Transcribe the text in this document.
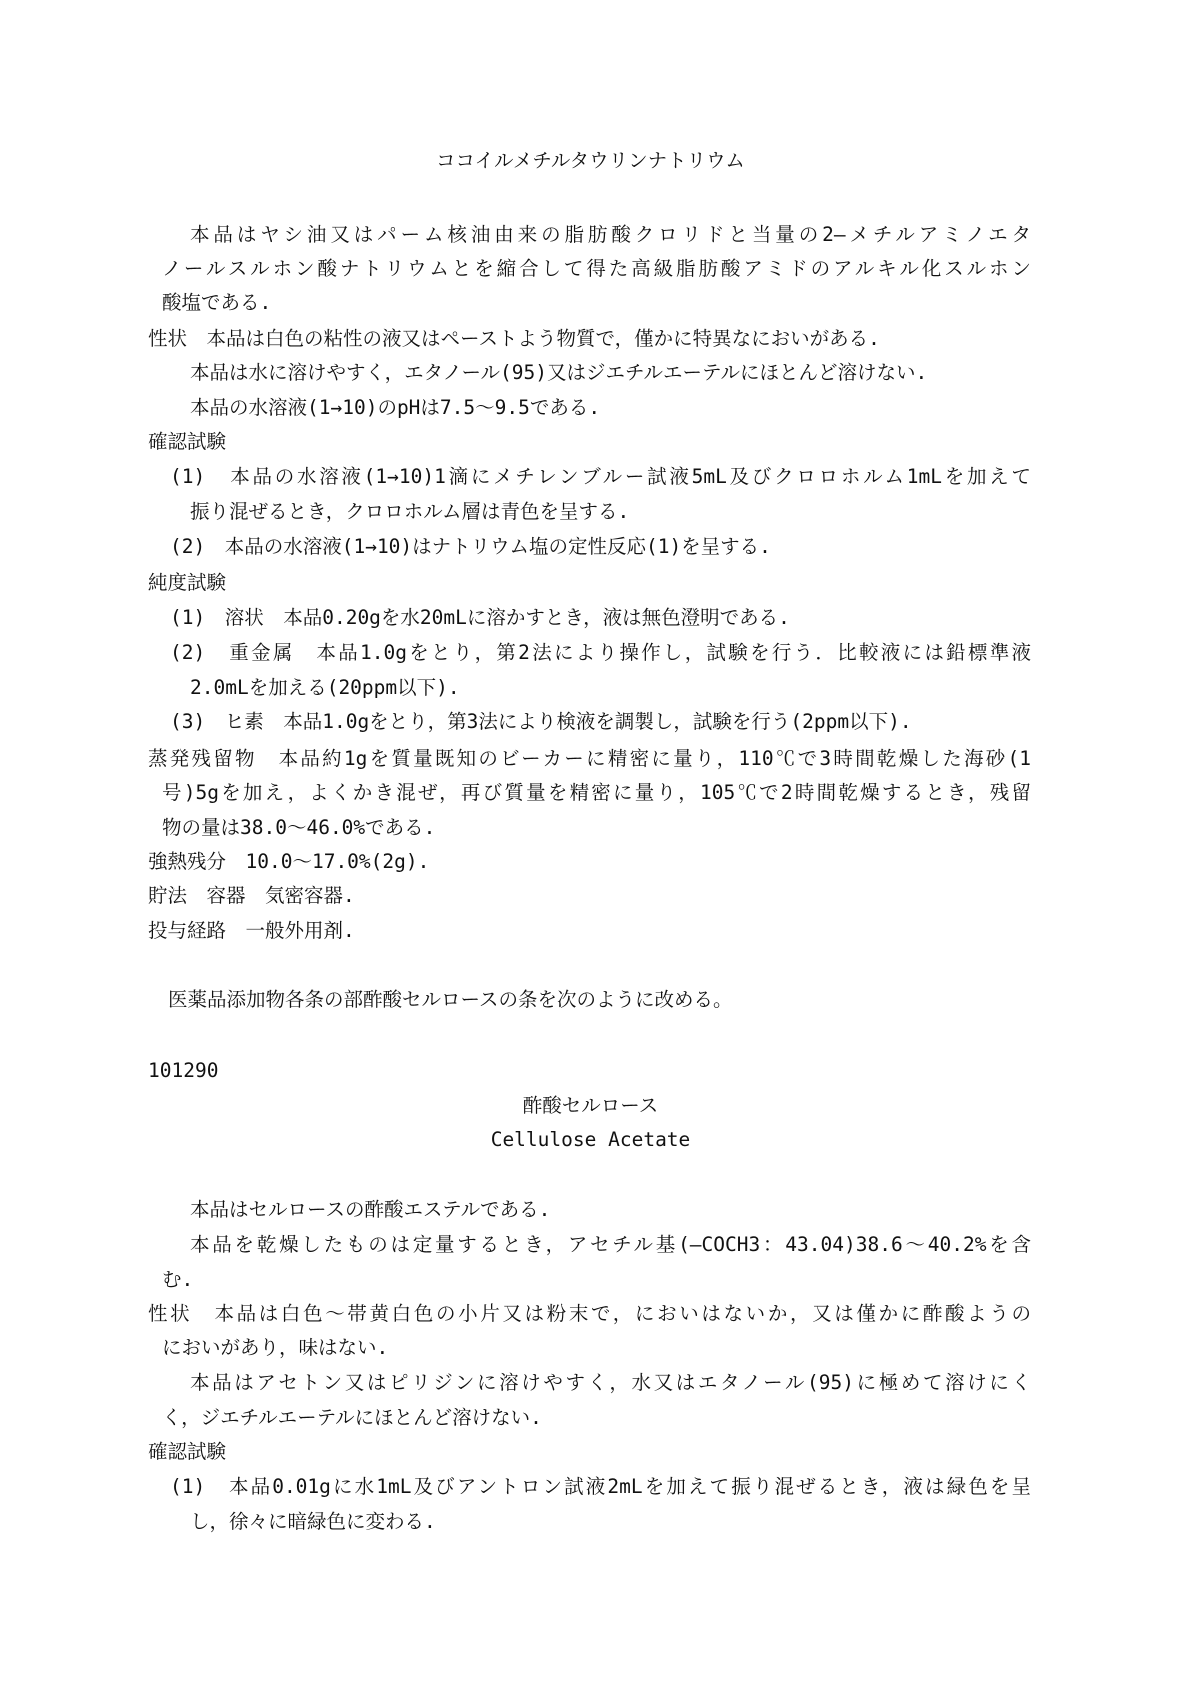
ココイルメチルタウリンナトリウム
本品はヤシ油又はパーム核油由来の脂肪酸クロリドと当量の2―メチルアミノエタ
ノールスルホン酸ナトリウムとを縮合して得た高級脂肪酸アミドのアルキル化スルホン
酸塩である.
性状　本品は白色の粘性の液又はペーストよう物質で，僅かに特異なにおいがある.
本品は水に溶けやすく，エタノール(95)又はジエチルエーテルにほとんど溶けない.
本品の水溶液(1→10)のpHは7.5～9.5である.
確認試験
(1)　本品の水溶液(1→10)1滴にメチレンブルー試液5mL及びクロロホルム1mLを加えて
振り混ぜるとき，クロロホルム層は青色を呈する.
(2)　本品の水溶液(1→10)はナトリウム塩の定性反応(1)を呈する.
純度試験
(1)　溶状　本品0.20gを水20mLに溶かすとき，液は無色澄明である.
(2)　重金属　本品1.0gをとり，第2法により操作し，試験を行う．比較液には鉛標準液
2.0mLを加える(20ppm以下).
(3)　ヒ素　本品1.0gをとり，第3法により検液を調製し，試験を行う(2ppm以下).
蒸発残留物　本品約1gを質量既知のビーカーに精密に量り，110℃で3時間乾燥した海砂(1
号)5gを加え，よくかき混ぜ，再び質量を精密に量り，105℃で2時間乾燥するとき，残留
物の量は38.0～46.0%である.
強熱残分　10.0～17.0%(2g).
貯法　容器　気密容器.
投与経路　一般外用剤.
医薬品添加物各条の部酢酸セルロースの条を次のように改める。
101290
酢酸セルロース
Cellulose Acetate
本品はセルロースの酢酸エステルである.
本品を乾燥したものは定量するとき，アセチル基(―COCH3：43.04)38.6～40.2%を含
む.
性状　本品は白色～帯黄白色の小片又は粉末で，においはないか，又は僅かに酢酸ようの
においがあり，味はない.
本品はアセトン又はピリジンに溶けやすく，水又はエタノール(95)に極めて溶けにく
く，ジエチルエーテルにほとんど溶けない.
確認試験
(1)　本品0.01gに水1mL及びアントロン試液2mLを加えて振り混ぜるとき，液は緑色を呈
し，徐々に暗緑色に変わる.
